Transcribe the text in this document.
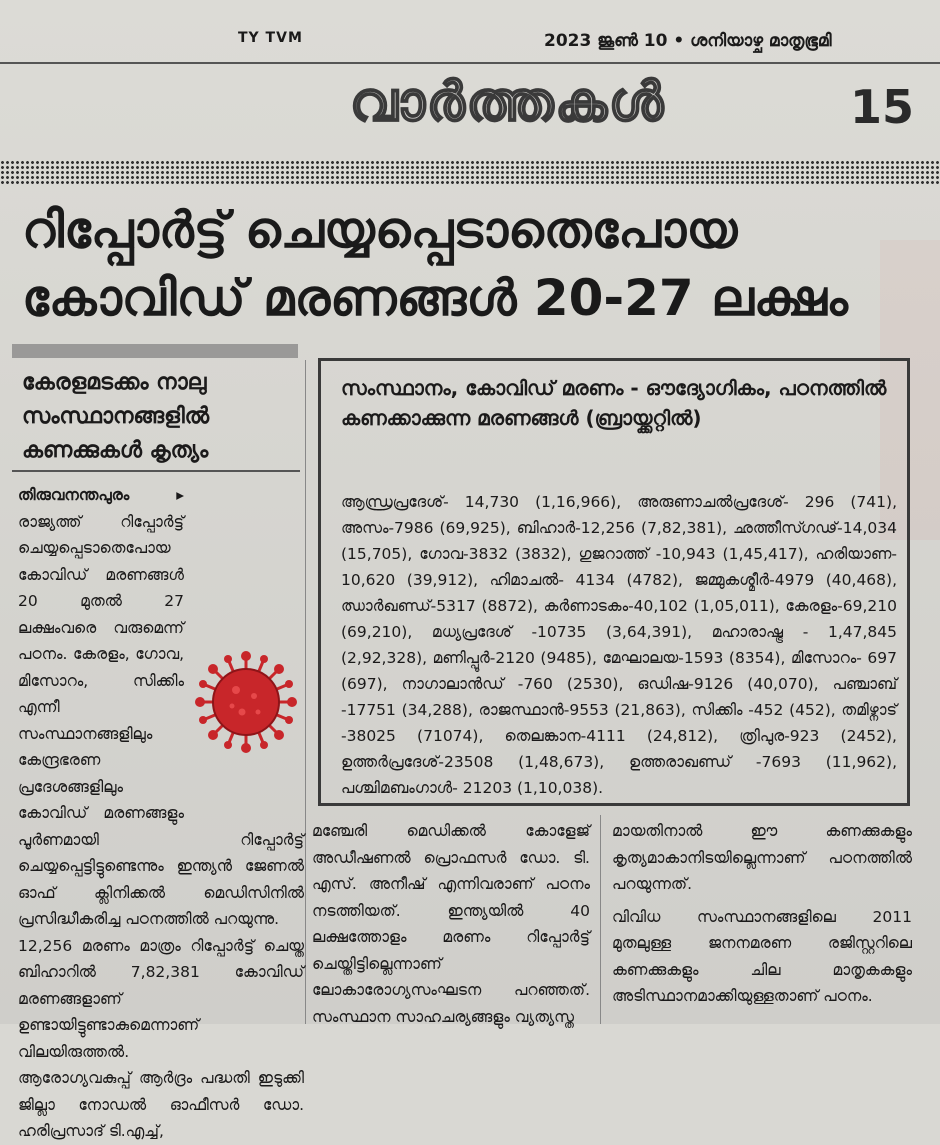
TY TVM	2023 ജൂൺ 10 • ശനിയാഴ്ച മാതൃഭൂമി
വാർത്തകൾ	15
റിപ്പോർട്ട് ചെയ്യപ്പെടാതെപോയ കോവിഡ് മരണങ്ങൾ 20-27 ലക്ഷം
കേരളമടക്കം നാലു സംസ്ഥാനങ്ങളിൽ കണക്കുകൾ കൃത്യം

തിരുവനന്തപുരം ▸ രാജ്യത്ത് റിപ്പോർട്ട് ചെയ്യപ്പെടാതെപോയ കോവിഡ് മരണങ്ങൾ 20 മുതൽ 27 ലക്ഷംവരെ വരുമെന്ന് പഠനം. കേരളം, ഗോവ, മിസോറം, സിക്കിം എന്നീ സംസ്ഥാനങ്ങളിലും കേന്ദ്രഭരണ പ്രദേശങ്ങളിലും കോവിഡ് മരണങ്ങളും പൂർണമായി റിപ്പോർട്ട് ചെയ്യപ്പെട്ടിട്ടുണ്ടെന്നും ഇന്ത്യൻ ജേണൽ ഓഫ് ക്ലിനിക്കൽ മെഡിസിനിൽ പ്രസിദ്ധീകരിച്ച പഠനത്തിൽ പറയുന്നു.

12,256 മരണം മാത്രം റിപ്പോർട്ട് ചെയ്ത ബിഹാറിൽ 7,82,381 കോവിഡ് മരണങ്ങളാണ് ഉണ്ടായിട്ടുണ്ടാകുമെന്നാണ് വിലയിരുത്തൽ.

ആരോഗ്യവകുപ്പ് ആർദ്രം പദ്ധതി ഇടുക്കി ജില്ലാ നോഡൽ ഓഫീസർ ഡോ. ഹരിപ്രസാദ് ടി.എച്ച്,

സംസ്ഥാനം, കോവിഡ് മരണം - ഔദ്യോഗികം, പഠനത്തിൽ കണക്കാക്കുന്ന മരണങ്ങൾ (ബ്രായ്ക്കറ്റിൽ)
ആന്ധ്രപ്രദേശ്- 14,730 (1,16,966), അരുണാചൽപ്രദേശ്- 296 (741), അസം-7986 (69,925), ബിഹാർ-12,256 (7,82,381), ഛത്തീസ്ഗഢ്-14,034 (15,705), ഗോവ-3832 (3832), ഗുജറാത്ത് -10,943 (1,45,417), ഹരിയാണ- 10,620 (39,912), ഹിമാചൽ- 4134 (4782), ജമ്മുകശ്മീർ-4979 (40,468), ഝാർഖണ്ഡ്-5317 (8872), കർണാടകം-40,102 (1,05,011), കേരളം-69,210 (69,210), മധ്യപ്രദേശ് -10735 (3,64,391), മഹാരാഷ്ട്ര - 1,47,845 (2,92,328), മണിപ്പൂർ-2120 (9485), മേഘാലയ-1593 (8354), മിസോറം- 697 (697), നാഗാലാൻഡ് -760 (2530), ഒഡിഷ-9126 (40,070), പഞ്ചാബ് -17751 (34,288), രാജസ്ഥാൻ-9553 (21,863), സിക്കിം -452 (452), തമിഴ്നാട് -38025 (71074), തെലങ്കാന-4111 (24,812), ത്രിപുര-923 (2452), ഉത്തർപ്രദേശ്-23508 (1,48,673), ഉത്തരാഖണ്ഡ് -7693 (11,962), പശ്ചിമബംഗാൾ- 21203 (1,10,038).

മഞ്ചേരി മെഡിക്കൽ കോളേജ് അഡീഷണൽ പ്രൊഫസർ ഡോ. ടി. എസ്. അനീഷ് എന്നിവരാണ് പഠനം നടത്തിയത്. ഇന്ത്യയിൽ 40 ലക്ഷത്തോളം മരണം റിപ്പോർട്ട് ചെയ്തിട്ടില്ലെന്നാണ് ലോകാരോഗ്യസംഘടന പറഞ്ഞത്. സംസ്ഥാന സാഹചര്യങ്ങളും വ്യത്യസ്ത

മായതിനാൽ ഈ കണക്കുകളും കൃത്യമാകാനിടയില്ലെന്നാണ് പഠനത്തിൽ പറയുന്നത്.

വിവിധ സംസ്ഥാനങ്ങളിലെ 2011 മുതലുള്ള ജനനമരണ രജിസ്റ്ററിലെ കണക്കുകളും ചില മാതൃകകളും അടിസ്ഥാനമാക്കിയുള്ളതാണ് പഠനം.
